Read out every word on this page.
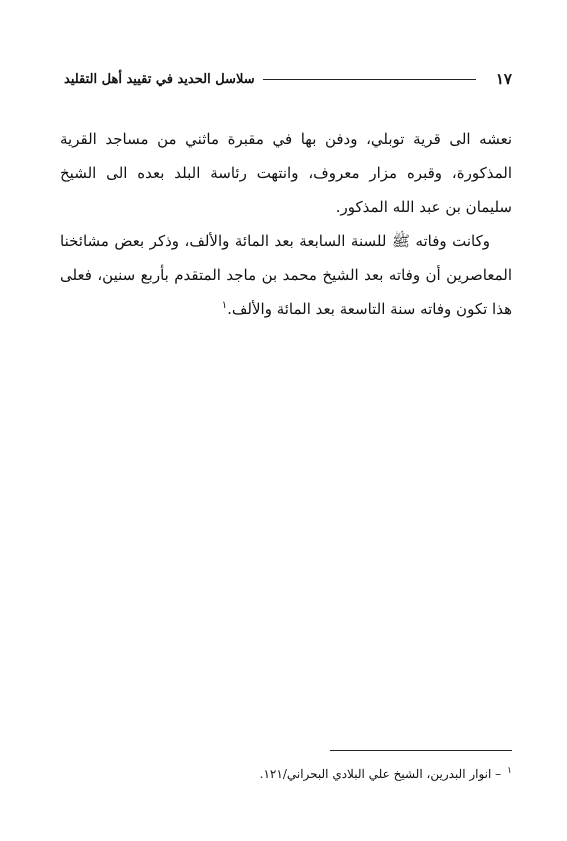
١٧
سلاسل الحديد في تقييد أهل التقليد

نعشه الى قرية توبلي، ودفن بها في مقبرة ماثني من مساجد القرية المذكورة، وقبره مزار معروف، وانتهت رئاسة البلد بعده الى الشيخ سليمان بن عبد الله المذكور.

وكانت وفاته ﷺ للسنة السابعة بعد المائة والألف، وذكر بعض مشائخنا المعاصرين أن وفاته بعد الشيخ محمد بن ماجد المتقدم بأربع سنين، فعلى هذا تكون وفاته سنة التاسعة بعد المائة والألف.$^١$

$^١$– انوار البدرين، الشيخ علي البلادي البحراني/١٢١.
